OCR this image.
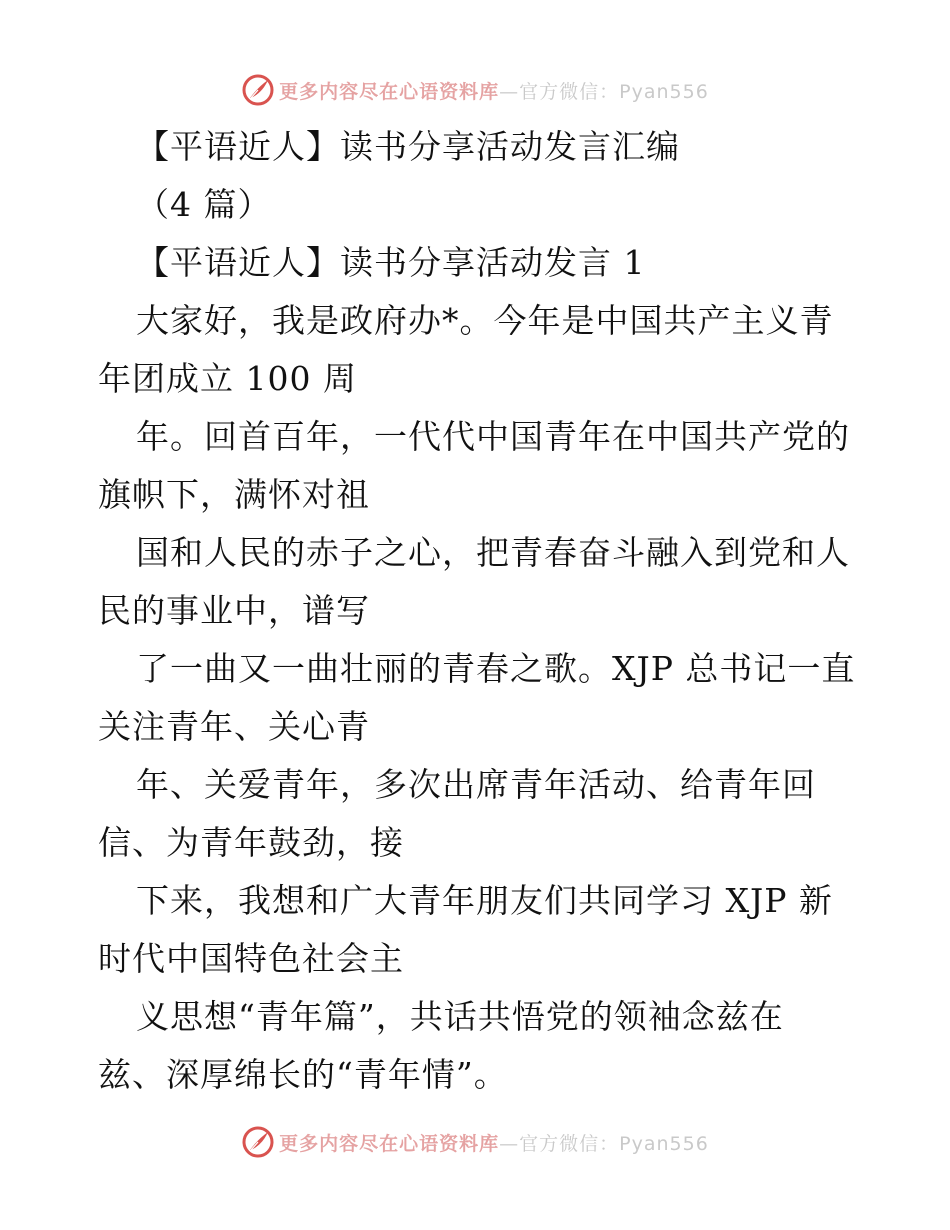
更多内容尽在心语资料库—官方微信：Pyan556
【平语近人】读书分享活动发言汇编
（4 篇）
【平语近人】读书分享活动发言 1
大家好，我是政府办*。今年是中国共产主义青
年团成立 100 周
年。回首百年，一代代中国青年在中国共产党的
旗帜下，满怀对祖
国和人民的赤子之心，把青春奋斗融入到党和人
民的事业中，谱写
了一曲又一曲壮丽的青春之歌。XJP 总书记一直
关注青年、关心青
年、关爱青年，多次出席青年活动、给青年回
信、为青年鼓劲，接
下来，我想和广大青年朋友们共同学习 XJP 新
时代中国特色社会主
义思想“青年篇”，共话共悟党的领袖念兹在
兹、深厚绵长的“青年情”。
更多内容尽在心语资料库—官方微信：Pyan556
